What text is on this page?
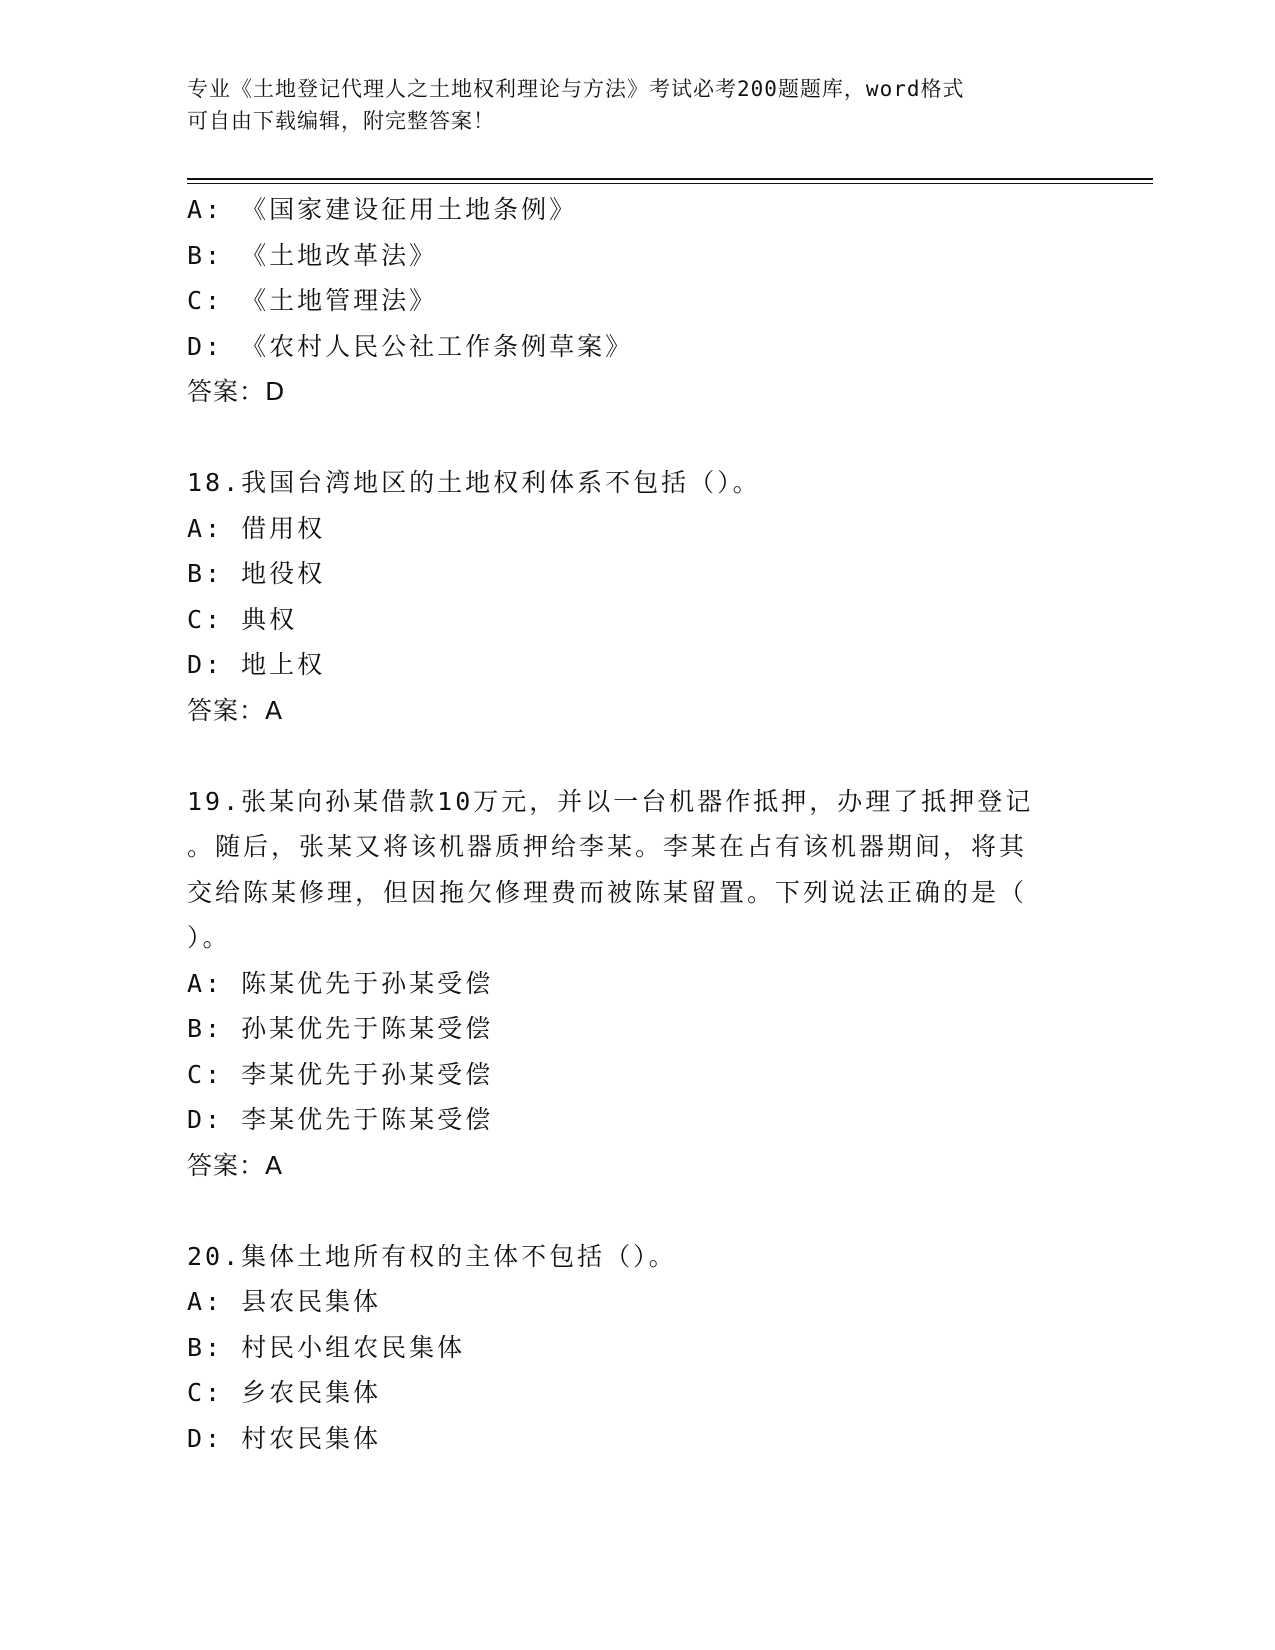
专业《土地登记代理人之土地权利理论与方法》考试必考200题题库，word格式
可自由下载编辑，附完整答案！
A: 《国家建设征用土地条例》
B: 《土地改革法》
C: 《土地管理法》
D: 《农村人民公社工作条例草案》
答案：D
18.我国台湾地区的土地权利体系不包括（）。
A: 借用权
B: 地役权
C: 典权
D: 地上权
答案：A
19.张某向孙某借款10万元，并以一台机器作抵押，办理了抵押登记
。随后，张某又将该机器质押给李某。李某在占有该机器期间，将其
交给陈某修理，但因拖欠修理费而被陈某留置。下列说法正确的是（
）。
A: 陈某优先于孙某受偿
B: 孙某优先于陈某受偿
C: 李某优先于孙某受偿
D: 李某优先于陈某受偿
答案：A
20.集体土地所有权的主体不包括（）。
A: 县农民集体
B: 村民小组农民集体
C: 乡农民集体
D: 村农民集体
